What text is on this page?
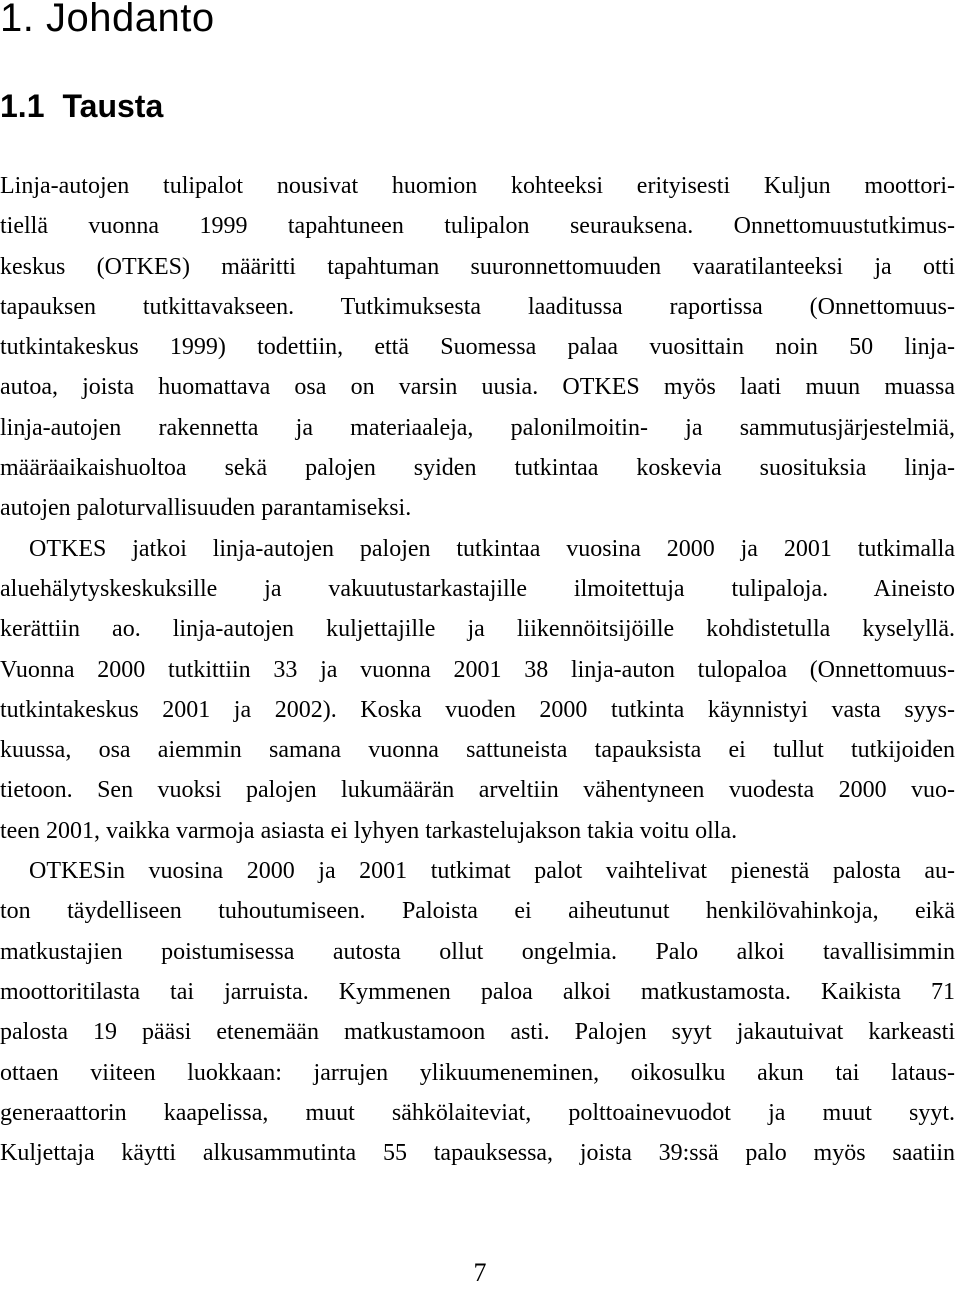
1. Johdanto
1.1 Tausta
Linja-autojen tulipalot nousivat huomion kohteeksi erityisesti Kuljun moottori-
tiellä vuonna 1999 tapahtuneen tulipalon seurauksena. Onnettomuustutkimus-
keskus (OTKES) määritti tapahtuman suuronnettomuuden vaaratilanteeksi ja otti
tapauksen tutkittavakseen. Tutkimuksesta laaditussa raportissa (Onnettomuus-
tutkintakeskus 1999) todettiin, että Suomessa palaa vuosittain noin 50 linja-
autoa, joista huomattava osa on varsin uusia. OTKES myös laati muun muassa
linja-autojen rakennetta ja materiaaleja, palonilmoitin- ja sammutusjärjestelmiä,
määräaikaishuoltoa sekä palojen syiden tutkintaa koskevia suosituksia linja-
autojen paloturvallisuuden parantamiseksi.
OTKES jatkoi linja-autojen palojen tutkintaa vuosina 2000 ja 2001 tutkimalla
aluehälytyskeskuksille ja vakuutustarkastajille ilmoitettuja tulipaloja. Aineisto
kerättiin ao. linja-autojen kuljettajille ja liikennöitsijöille kohdistetulla kyselyllä.
Vuonna 2000 tutkittiin 33 ja vuonna 2001 38 linja-auton tulopaloa (Onnettomuus-
tutkintakeskus 2001 ja 2002). Koska vuoden 2000 tutkinta käynnistyi vasta syys-
kuussa, osa aiemmin samana vuonna sattuneista tapauksista ei tullut tutkijoiden
tietoon. Sen vuoksi palojen lukumäärän arveltiin vähentyneen vuodesta 2000 vuo-
teen 2001, vaikka varmoja asiasta ei lyhyen tarkastelujakson takia voitu olla.
OTKESin vuosina 2000 ja 2001 tutkimat palot vaihtelivat pienestä palosta au-
ton täydelliseen tuhoutumiseen. Paloista ei aiheutunut henkilövahinkoja, eikä
matkustajien poistumisessa autosta ollut ongelmia. Palo alkoi tavallisimmin
moottoritilasta tai jarruista. Kymmenen paloa alkoi matkustamosta. Kaikista 71
palosta 19 pääsi etenemään matkustamoon asti. Palojen syyt jakautuivat karkeasti
ottaen viiteen luokkaan: jarrujen ylikuumeneminen, oikosulku akun tai lataus-
generaattorin kaapelissa, muut sähkölaiteviat, polttoainevuodot ja muut syyt.
Kuljettaja käytti alkusammutinta 55 tapauksessa, joista 39:ssä palo myös saatiin
7
